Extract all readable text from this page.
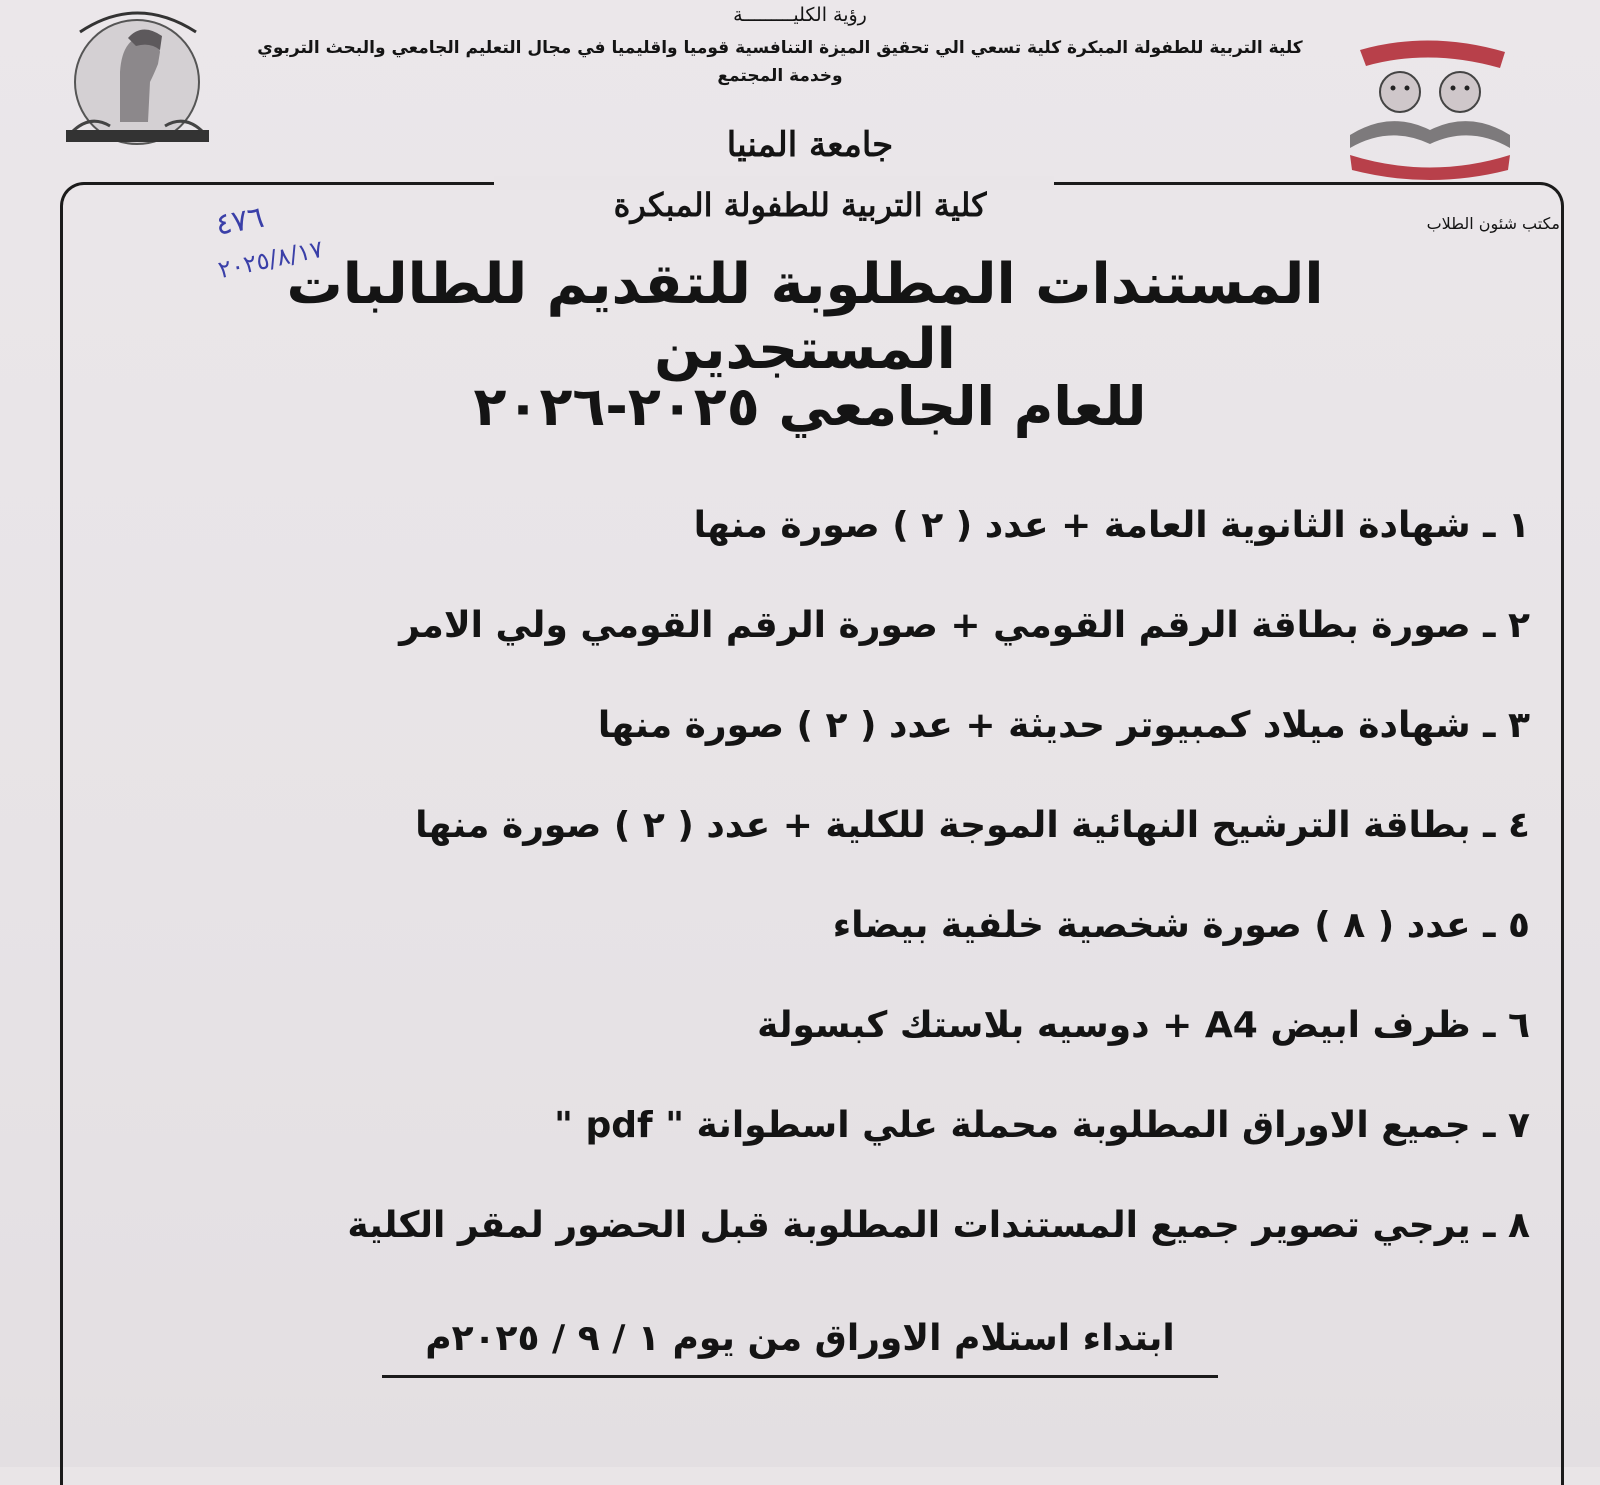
رؤية الكليـــــــــة
كلية التربية للطفولة المبكرة كلية تسعي الي تحقيق الميزة التنافسية قوميا واقليميا في مجال التعليم الجامعي والبحث التربوي وخدمة المجتمع
جامعة المنيا
كلية التربية للطفولة المبكرة	مكتب شئون الطلاب
٤٧٦
٢٠٢٥/٨/١٧
المستندات المطلوبة للتقديم للطالبات المستجدين
للعام الجامعي ٢٠٢٥-٢٠٢٦
١ ـ شهادة الثانوية العامة + عدد ( ٢ ) صورة منها
٢ ـ صورة بطاقة الرقم القومي + صورة الرقم القومي ولي الامر
٣ ـ شهادة ميلاد كمبيوتر حديثة + عدد ( ٢ ) صورة منها
٤ ـ بطاقة الترشيح النهائية الموجة للكلية + عدد ( ٢ ) صورة منها
٥ ـ عدد ( ٨ ) صورة شخصية خلفية بيضاء
٦ ـ ظرف ابيض A4 + دوسيه بلاستك كبسولة
٧ ـ جميع الاوراق المطلوبة محملة علي اسطوانة " pdf "
٨ ـ يرجي تصوير جميع المستندات المطلوبة قبل الحضور لمقر الكلية
ابتداء استلام الاوراق من يوم ١ / ٩ / ٢٠٢٥م
